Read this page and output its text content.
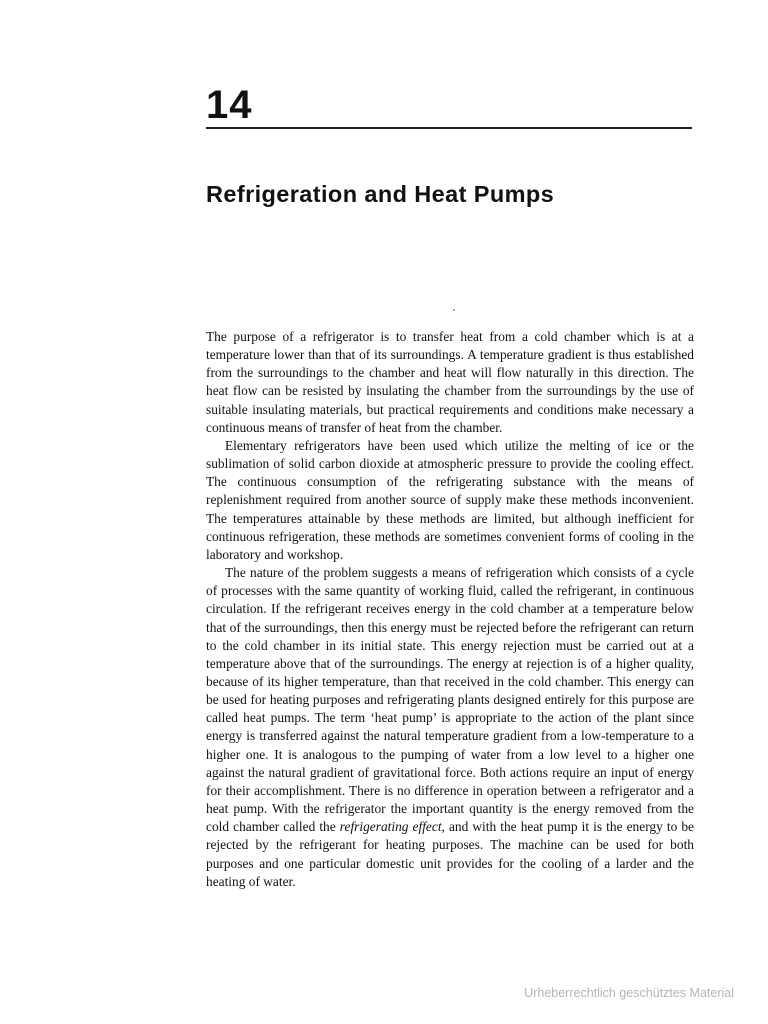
14
Refrigeration and Heat Pumps

The purpose of a refrigerator is to transfer heat from a cold chamber which is at a temperature lower than that of its surroundings. A temperature gradient is thus established from the surroundings to the chamber and heat will flow naturally in this direction. The heat flow can be resisted by insulating the chamber from the surroundings by the use of suitable insulating materials, but practical requirements and conditions make necessary a continuous means of transfer of heat from the chamber.

Elementary refrigerators have been used which utilize the melting of ice or the sublimation of solid carbon dioxide at atmospheric pressure to provide the cooling effect. The continuous consumption of the refrigerating substance with the means of replenishment required from another source of supply make these methods inconvenient. The temperatures attainable by these methods are limited, but although inefficient for continuous refrigeration, these methods are sometimes convenient forms of cooling in the laboratory and workshop.

The nature of the problem suggests a means of refrigeration which consists of a cycle of processes with the same quantity of working fluid, called the refrigerant, in continuous circulation. If the refrigerant receives energy in the cold chamber at a temperature below that of the surroundings, then this energy must be rejected before the refrigerant can return to the cold chamber in its initial state. This energy rejection must be carried out at a temperature above that of the surroundings. The energy at rejection is of a higher quality, because of its higher temperature, than that received in the cold chamber. This energy can be used for heating purposes and refrigerating plants designed entirely for this purpose are called heat pumps. The term ‘heat pump’ is appropriate to the action of the plant since energy is transferred against the natural temperature gradient from a low-temperature to a higher one. It is analogous to the pumping of water from a low level to a higher one against the natural gradient of gravitational force. Both actions require an input of energy for their accomplishment. There is no difference in operation between a refrigerator and a heat pump. With the refrigerator the important quantity is the energy removed from the cold chamber called the refrigerating effect, and with the heat pump it is the energy to be rejected by the refrigerant for heating purposes. The machine can be used for both purposes and one particular domestic unit provides for the cooling of a larder and the heating of water.

Urheberrechtlich geschütztes Material
